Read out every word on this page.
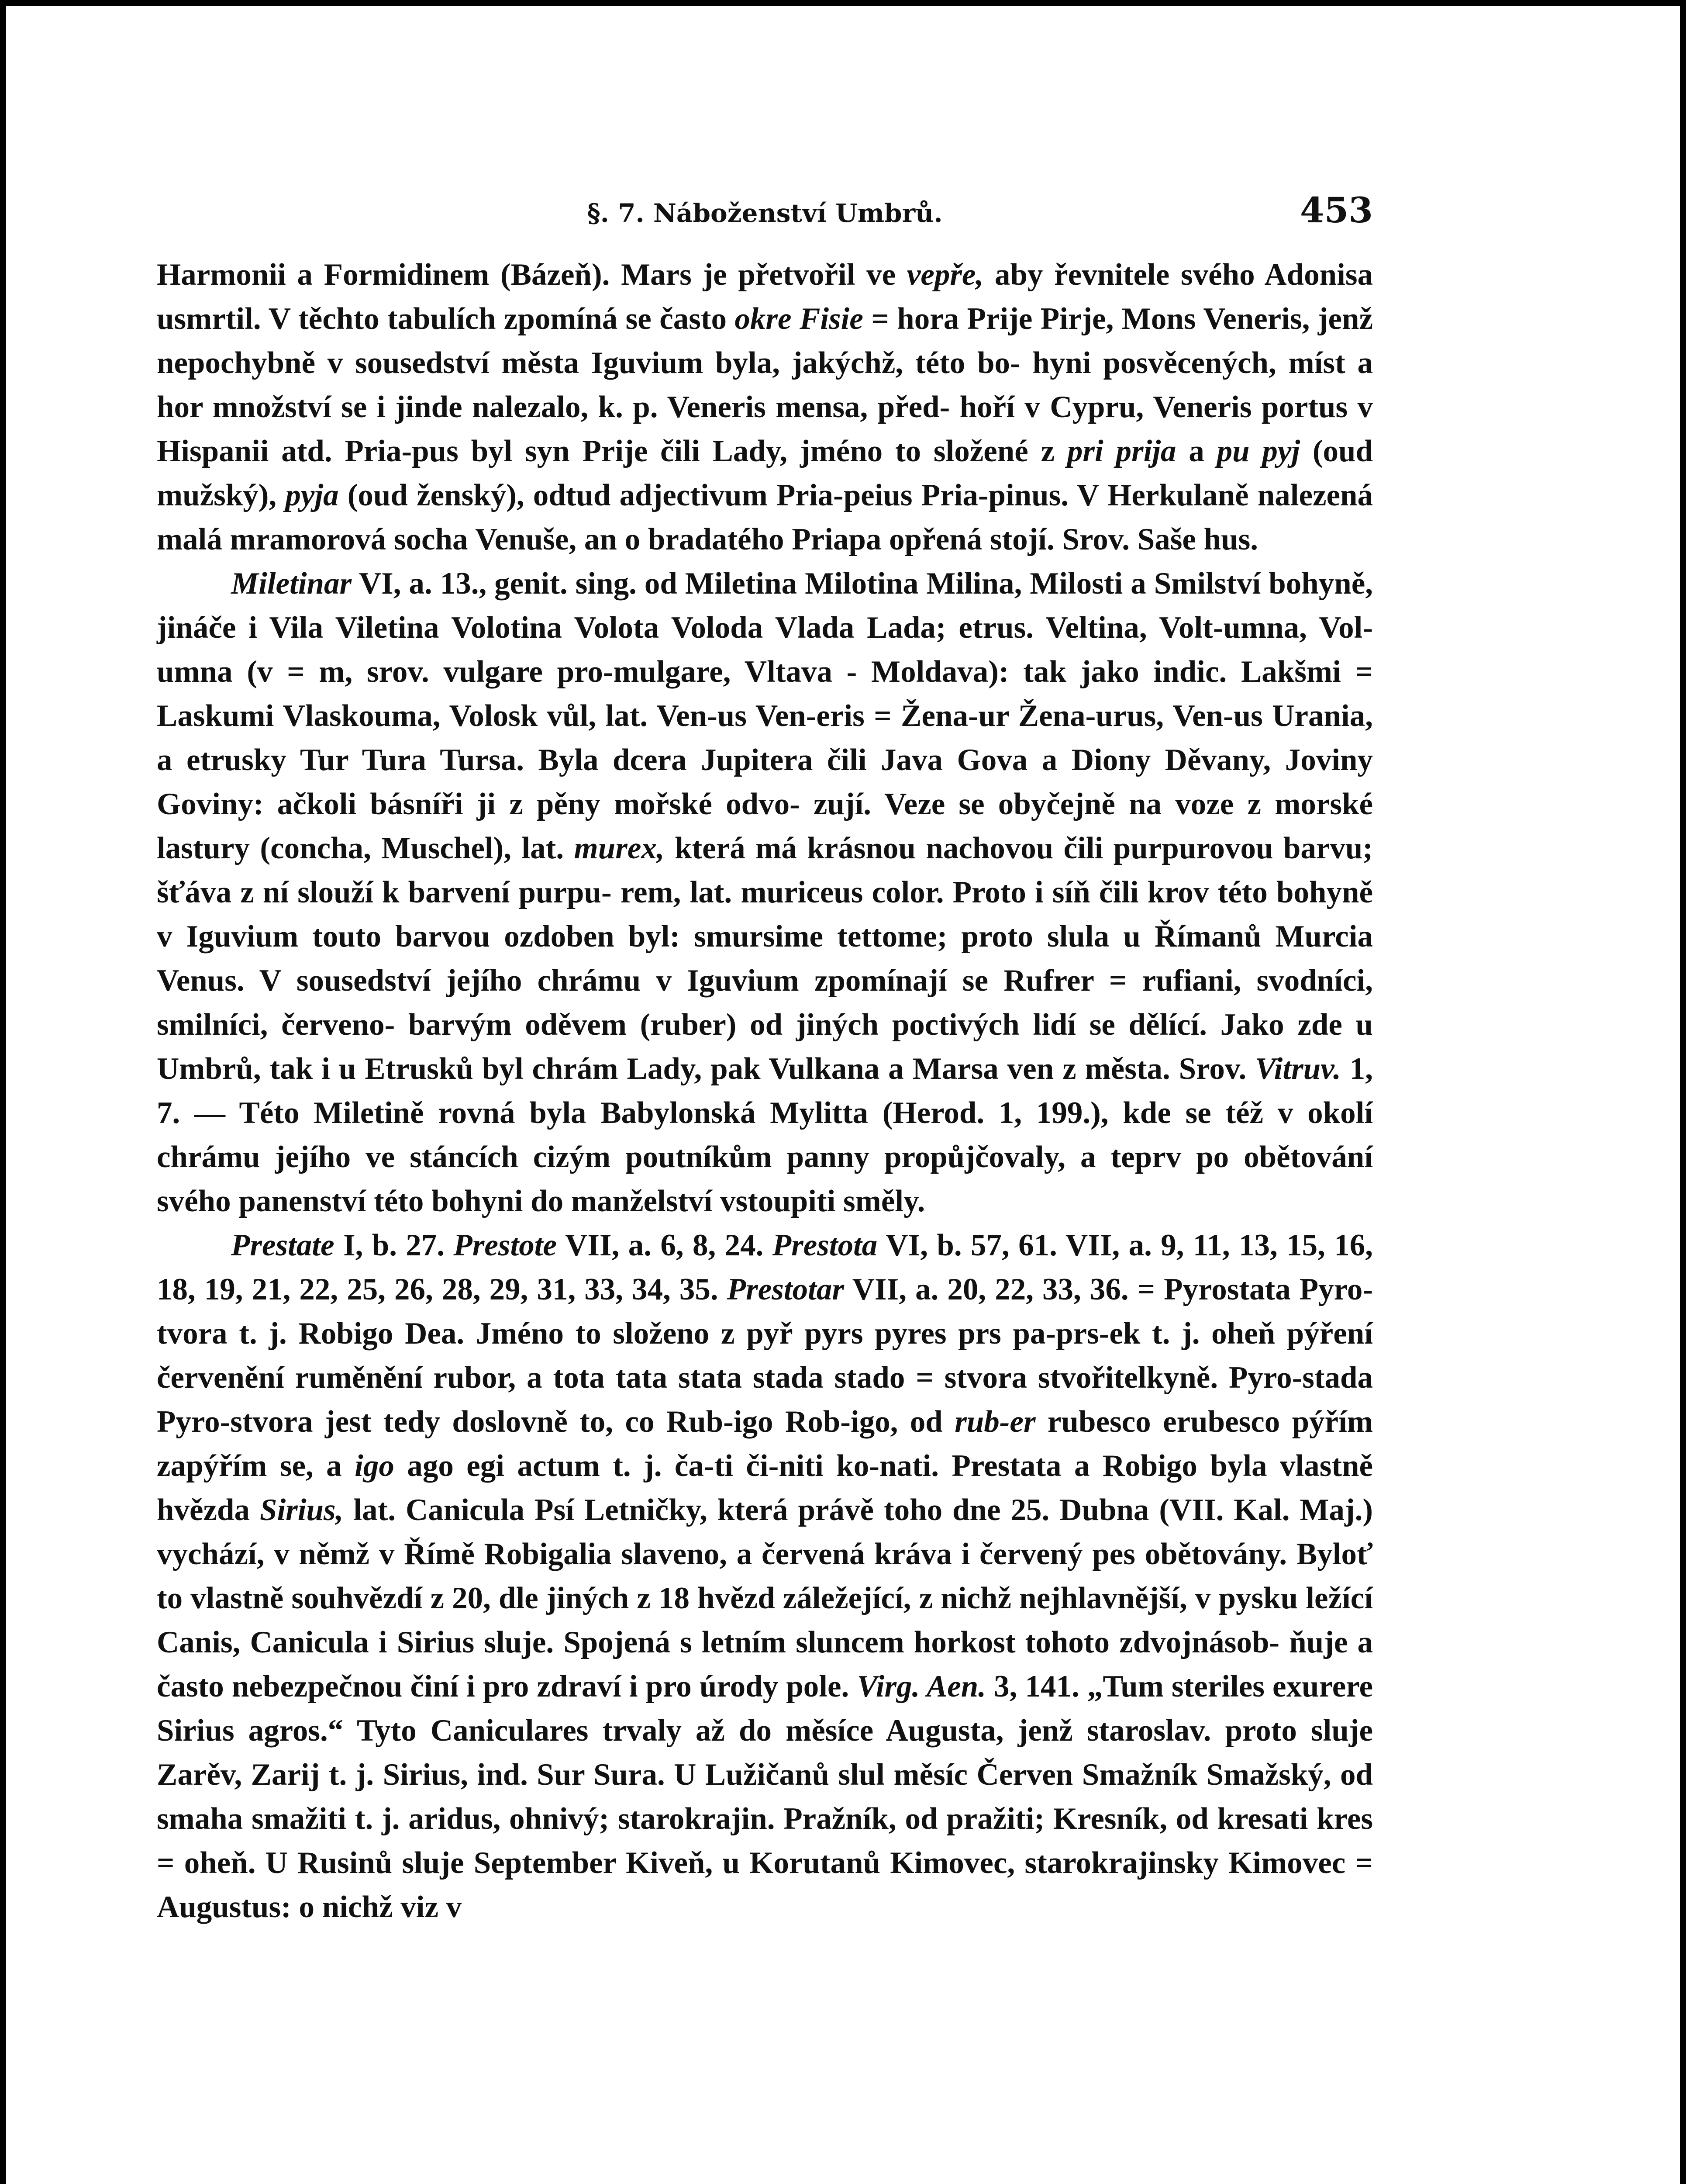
§. 7. Náboženství Umbrů.	453

Harmonii a Formidinem (Bázeň). Mars je přetvořil ve vepře, aby řevnitele svého Adonisa usmrtil. V těchto tabulích zpomíná se často okre Fisie = hora Prije Pirje, Mons Veneris, jenž nepochybně v sousedství města Iguvium byla, jakýchž, této bo- hyni posvěcených, míst a hor množství se i jinde nalezalo, k. p. Veneris mensa, před- hoří v Cypru, Veneris portus v Hispanii atd. Pria-pus byl syn Prije čili Lady, jméno to složené z pri prija a pu pyj (oud mužský), pyja (oud ženský), odtud adjectivum Pria-peius Pria-pinus. V Herkulaně nalezená malá mramorová socha Venuše, an o bradatého Priapa opřená stojí. Srov. Saše hus.

Miletinar VI, a. 13., genit. sing. od Miletina Milotina Milina, Milosti a Smilství bohyně, jináče i Vila Viletina Volotina Volota Voloda Vlada Lada; etrus. Veltina, Volt-umna, Vol-umna (v = m, srov. vulgare pro-mulgare, Vltava - Moldava): tak jako indic. Lakšmi = Laskumi Vlaskouma, Volosk vůl, lat. Ven-us Ven-eris = Žena-ur Žena-urus, Ven-us Urania, a etrusky Tur Tura Tursa. Byla dcera Jupitera čili Java Gova a Diony Děvany, Joviny Goviny: ačkoli básníři ji z pěny mořské odvo- zují. Veze se obyčejně na voze z morské lastury (concha, Muschel), lat. murex, která má krásnou nachovou čili purpurovou barvu; šťáva z ní slouží k barvení purpu- rem, lat. muriceus color. Proto i síň čili krov této bohyně v Iguvium touto barvou ozdoben byl: smursime tettome; proto slula u Římanů Murcia Venus. V sousedství jejího chrámu v Iguvium zpomínají se Rufrer = rufiani, svodníci, smilníci, červeno- barvým oděvem (ruber) od jiných poctivých lidí se dělící. Jako zde u Umbrů, tak i u Etrusků byl chrám Lady, pak Vulkana a Marsa ven z města. Srov. Vitruv. 1, 7. — Této Miletině rovná byla Babylonská Mylitta (Herod. 1, 199.), kde se též v okolí chrámu jejího ve stáncích cizým poutníkům panny propůjčovaly, a teprv po obětování svého panenství této bohyni do manželství vstoupiti směly.

Prestate I, b. 27. Prestote VII, a. 6, 8, 24. Prestota VI, b. 57, 61. VII, a. 9, 11, 13, 15, 16, 18, 19, 21, 22, 25, 26, 28, 29, 31, 33, 34, 35. Prestotar VII, a. 20, 22, 33, 36. = Pyrostata Pyro-tvora t. j. Robigo Dea. Jméno to složeno z pyř pyrs pyres prs pa-prs-ek t. j. oheň pýření červenění ruměnění rubor, a tota tata stata stada stado = stvora stvořitelkyně. Pyro-stada Pyro-stvora jest tedy doslovně to, co Rub-igo Rob-igo, od rub-er rubesco erubesco pýřím zapýřím se, a igo ago egi actum t. j. ča-ti či-niti ko-nati. Prestata a Robigo byla vlastně hvězda Sirius, lat. Canicula Psí Letničky, která právě toho dne 25. Dubna (VII. Kal. Maj.) vychází, v němž v Římě Robigalia slaveno, a červená kráva i červený pes obětovány. Byloť to vlastně souhvězdí z 20, dle jiných z 18 hvězd záležející, z nichž nejhlavnější, v pysku ležící Canis, Canicula i Sirius sluje. Spojená s letním sluncem horkost tohoto zdvojnásob- ňuje a často nebezpečnou činí i pro zdraví i pro úrody pole. Virg. Aen. 3, 141. „Tum steriles exurere Sirius agros.“ Tyto Caniculares trvaly až do měsíce Augusta, jenž staroslav. proto sluje Zarěv, Zarij t. j. Sirius, ind. Sur Sura. U Lužičanů slul měsíc Červen Smažník Smažský, od smaha smažiti t. j. aridus, ohnivý; starokrajin. Pražník, od pražiti; Kresník, od kresati kres = oheň. U Rusinů sluje September Kiveň, u Korutanů Kimovec, starokrajinsky Kimovec = Augustus: o nichž viz v
